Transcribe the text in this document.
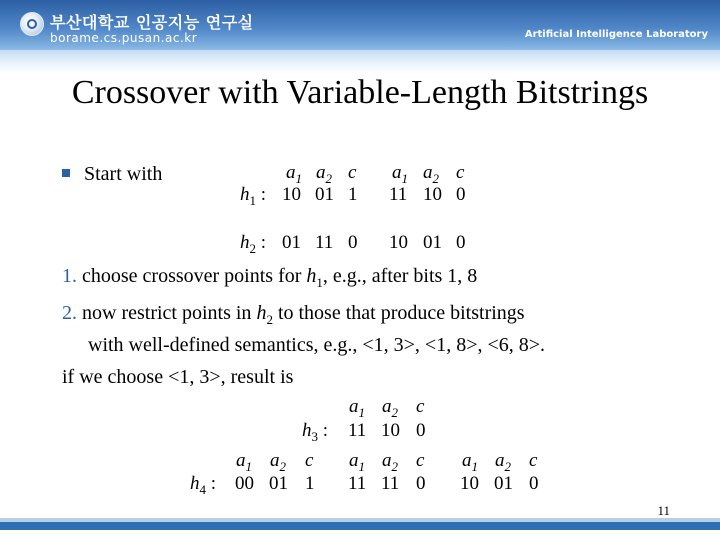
부산대학교 인공지능 연구실
borame.cs.pusan.ac.kr	Artificial Intelligence Laboratory
Crossover with Variable-Length Bitstrings
Start with	$a_1$ $a_2$ c $a_1$ $a_2$ c
$h_1$ : 10 01 1 11 10 0
$h_2$ : 01 11 0 10 01 0
1. choose crossover points for $h_1$, e.g., after bits 1, 8
2. now restrict points in $h_2$ to those that produce bitstrings
with well-defined semantics, e.g., <1, 3>, <1, 8>, <6, 8>.
if we choose <1, 3>, result is
$a_1$ $a_2$ c
$h_3$ : 11 10 0
$a_1$ $a_2$ c $a_1$ $a_2$ c $a_1$ $a_2$ c
$h_4$ : 00 01 1 11 11 0 10 01 0
11
